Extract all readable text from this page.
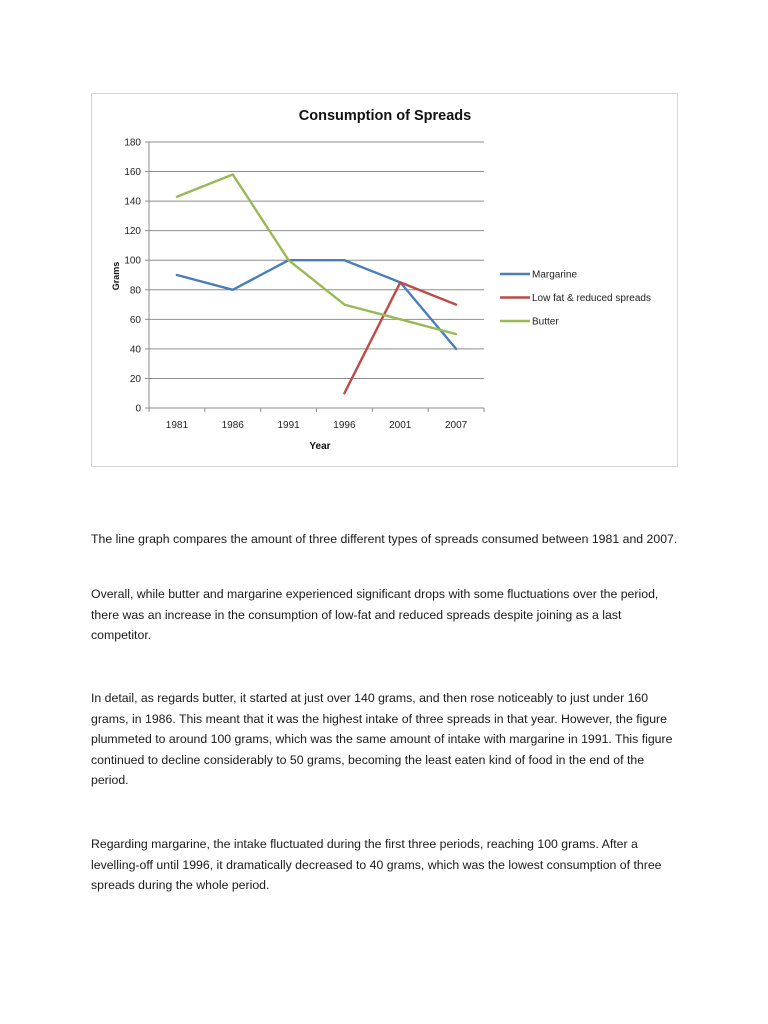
Consumption of Spreads
Grams
Year
0
20
40
60
80
100
120
140
160
180
1981	1986	1991	1996	2001	2007
Margarine
Low fat & reduced spreads
Butter

The line graph compares the amount of three different types of spreads consumed between 1981 and 2007.

Overall, while butter and margarine experienced significant drops with some fluctuations over the period, there was an increase in the consumption of low-fat and reduced spreads despite joining as a last competitor.

In detail, as regards butter, it started at just over 140 grams, and then rose noticeably to just under 160 grams, in 1986. This meant that it was the highest intake of three spreads in that year. However, the figure plummeted to around 100 grams, which was the same amount of intake with margarine in 1991. This figure continued to decline considerably to 50 grams, becoming the least eaten kind of food in the end of the period.

Regarding margarine, the intake fluctuated during the first three periods, reaching 100 grams. After a levelling-off until 1996, it dramatically decreased to 40 grams, which was the lowest consumption of three spreads during the whole period.
